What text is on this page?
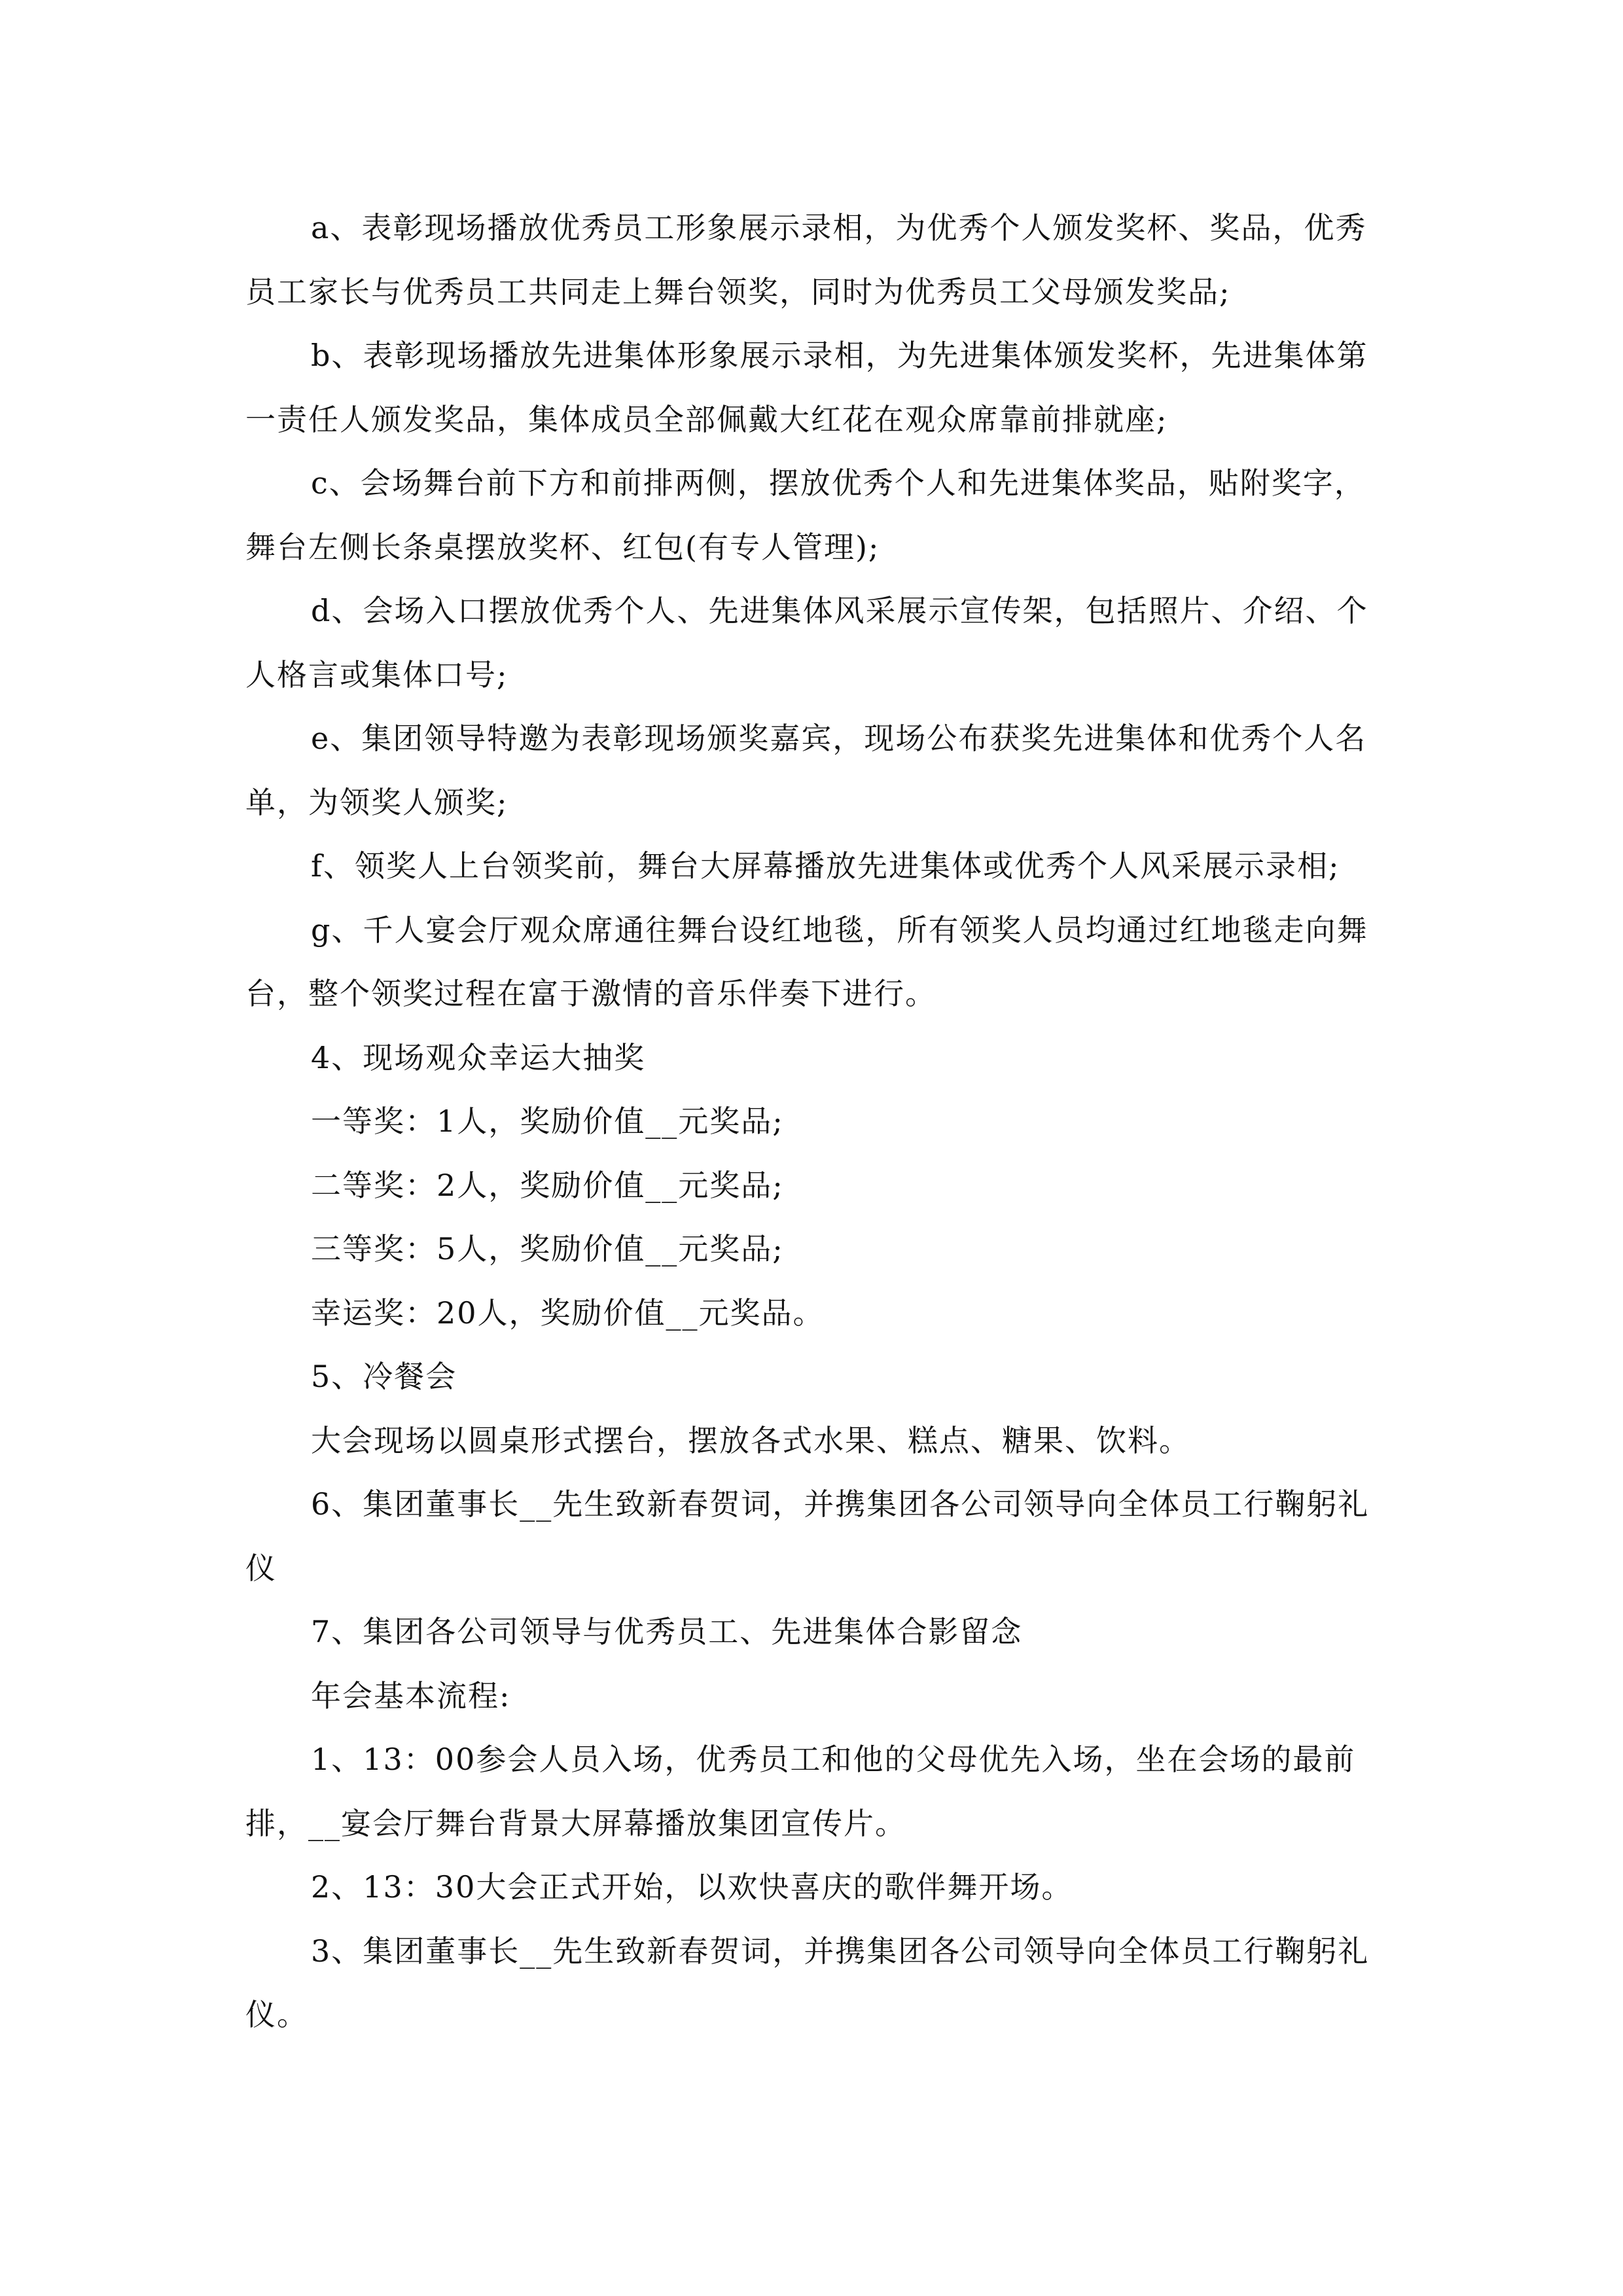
a、表彰现场播放优秀员工形象展示录相，为优秀个人颁发奖杯、奖品，优秀员工家长与优秀员工共同走上舞台领奖，同时为优秀员工父母颁发奖品;

b、表彰现场播放先进集体形象展示录相，为先进集体颁发奖杯，先进集体第一责任人颁发奖品，集体成员全部佩戴大红花在观众席靠前排就座;

c、会场舞台前下方和前排两侧，摆放优秀个人和先进集体奖品，贴附奖字，舞台左侧长条桌摆放奖杯、红包(有专人管理);

d、会场入口摆放优秀个人、先进集体风采展示宣传架，包括照片、介绍、个人格言或集体口号;

e、集团领导特邀为表彰现场颁奖嘉宾，现场公布获奖先进集体和优秀个人名单，为领奖人颁奖;

f、领奖人上台领奖前，舞台大屏幕播放先进集体或优秀个人风采展示录相;

g、千人宴会厅观众席通往舞台设红地毯，所有领奖人员均通过红地毯走向舞台，整个领奖过程在富于激情的音乐伴奏下进行。

4、现场观众幸运大抽奖

一等奖：1人，奖励价值__元奖品;

二等奖：2人，奖励价值__元奖品;

三等奖：5人，奖励价值__元奖品;

幸运奖：20人，奖励价值__元奖品。

5、冷餐会

大会现场以圆桌形式摆台，摆放各式水果、糕点、糖果、饮料。

6、集团董事长__先生致新春贺词，并携集团各公司领导向全体员工行鞠躬礼仪

7、集团各公司领导与优秀员工、先进集体合影留念

年会基本流程:

1、13：00参会人员入场，优秀员工和他的父母优先入场，坐在会场的最前排，__宴会厅舞台背景大屏幕播放集团宣传片。

2、13：30大会正式开始，以欢快喜庆的歌伴舞开场。

3、集团董事长__先生致新春贺词，并携集团各公司领导向全体员工行鞠躬礼仪。
